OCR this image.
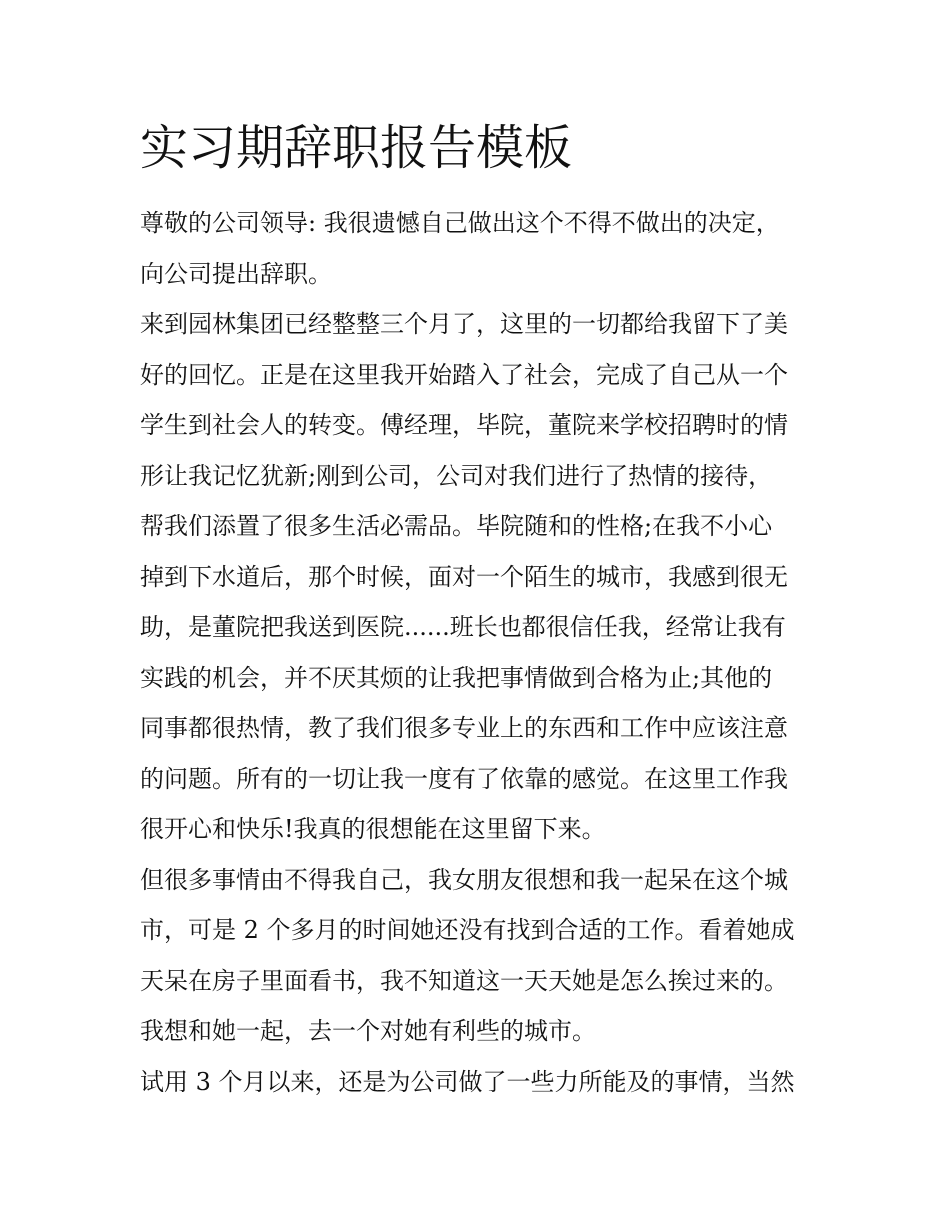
实习期辞职报告模板
尊敬的公司领导: 我很遗憾自己做出这个不得不做出的决定，
向公司提出辞职。
来到园林集团已经整整三个月了，这里的一切都给我留下了美
好的回忆。正是在这里我开始踏入了社会，完成了自己从一个
学生到社会人的转变。傅经理，毕院，董院来学校招聘时的情
形让我记忆犹新;刚到公司，公司对我们进行了热情的接待，
帮我们添置了很多生活必需品。毕院随和的性格;在我不小心
掉到下水道后，那个时候，面对一个陌生的城市，我感到很无
助，是董院把我送到医院......班长也都很信任我，经常让我有
实践的机会，并不厌其烦的让我把事情做到合格为止;其他的
同事都很热情，教了我们很多专业上的东西和工作中应该注意
的问题。所有的一切让我一度有了依靠的感觉。在这里工作我
很开心和快乐!我真的很想能在这里留下来。
但很多事情由不得我自己，我女朋友很想和我一起呆在这个城
市，可是 2 个多月的时间她还没有找到合适的工作。看着她成
天呆在房子里面看书，我不知道这一天天她是怎么挨过来的。
我想和她一起，去一个对她有利些的城市。
试用 3 个月以来，还是为公司做了一些力所能及的事情，当然
